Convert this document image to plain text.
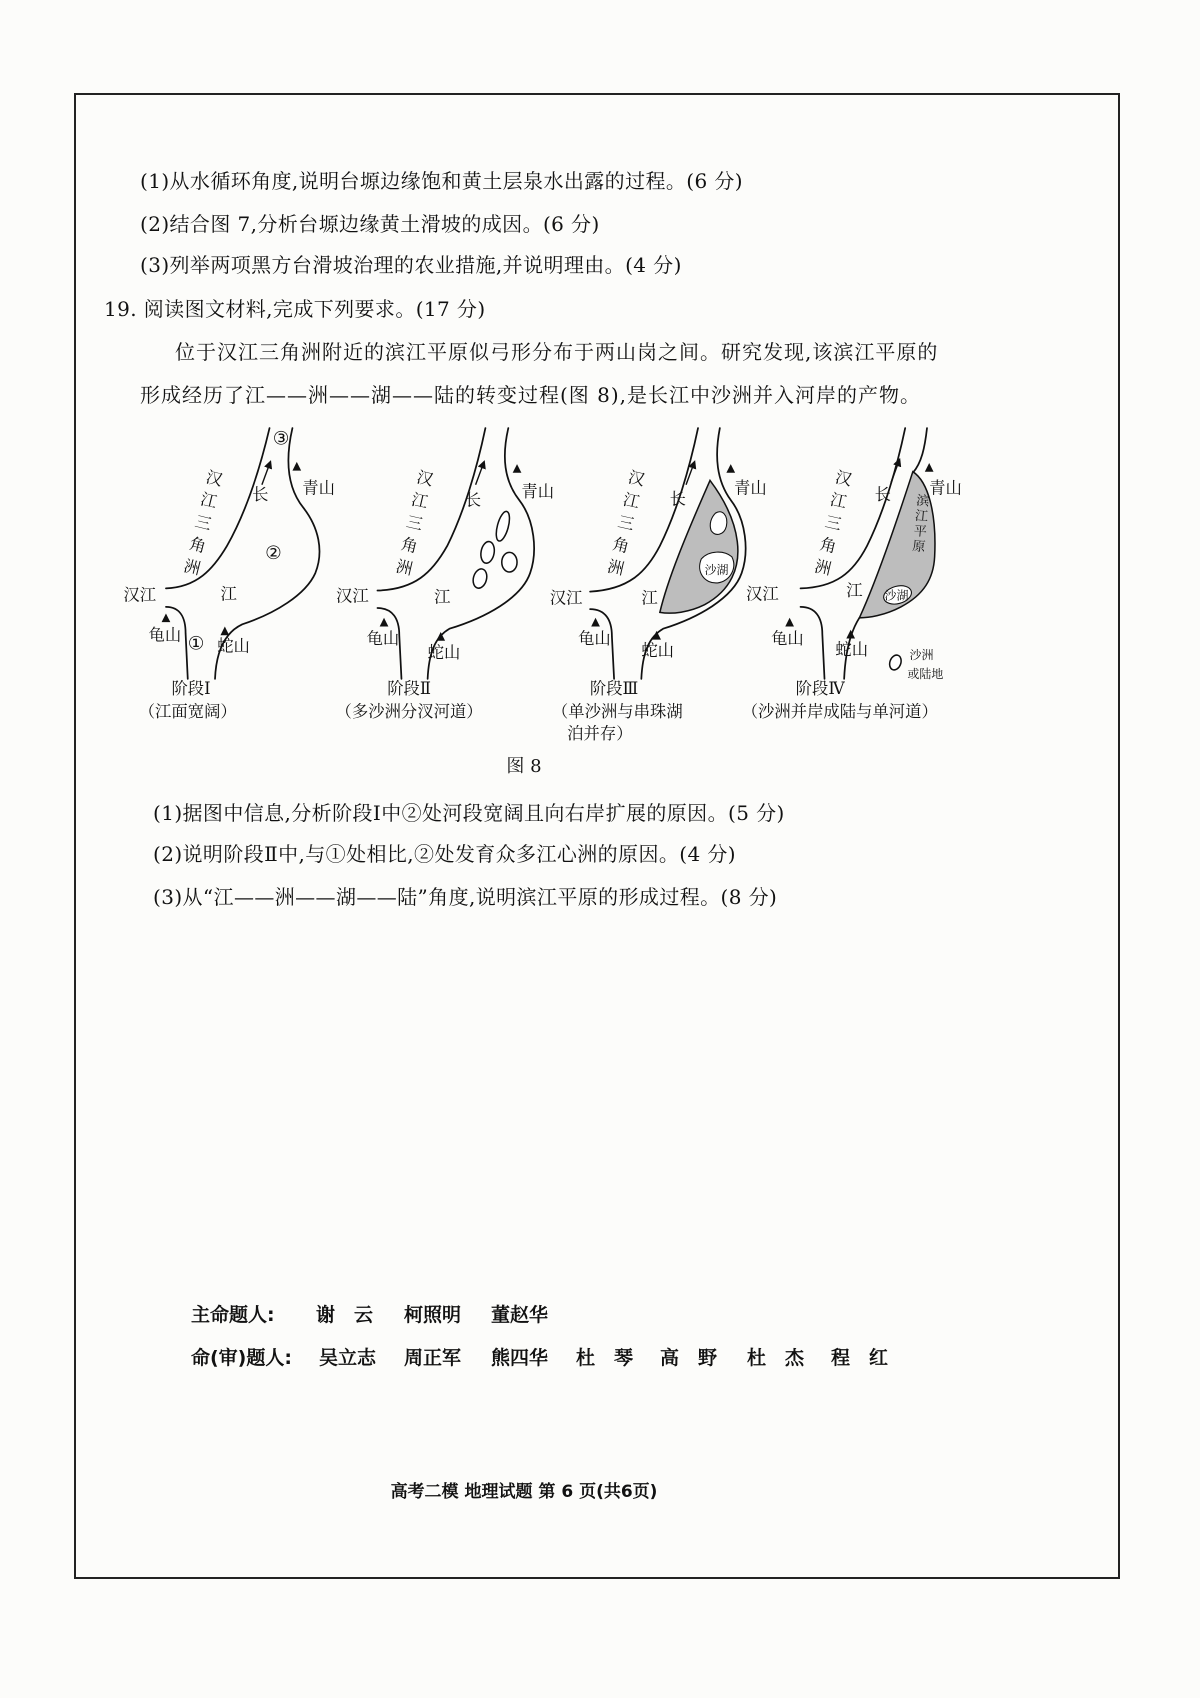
(1)从水循环角度,说明台塬边缘饱和黄土层泉水出露的过程。(6 分)
(2)结合图 7,分析台塬边缘黄土滑坡的成因。(6 分)
(3)列举两项黑方台滑坡治理的农业措施,并说明理由。(4 分)
19. 阅读图文材料,完成下列要求。(17 分)
位于汉江三角洲附近的滨江平原似弓形分布于两山岗之间。研究发现,该滨江平原的
形成经历了江——洲——湖——陆的转变过程(图 8),是长江中沙洲并入河岸的产物。
③
青山
汉江三角洲 长
②
汉江	江
龟山 ① 蛇山
阶段Ⅰ
（江面宽阔）
青山
汉江三角洲 长
汉江	江
龟山
蛇山
阶段Ⅱ
（多沙洲分汊河道）
青山
汉江三角洲 长
沙湖
汉江	江
龟山
蛇山
阶段Ⅲ
（单沙洲与串珠湖
泊并存）
青山
汉江三角洲 长 滨江平原
沙湖
汉江	江
龟山
蛇山	沙洲
或陆地
阶段Ⅳ
（沙洲并岸成陆与单河道）
图 8
(1)据图中信息,分析阶段Ⅰ中②处河段宽阔且向右岸扩展的原因。(5 分)
(2)说明阶段Ⅱ中,与①处相比,②处发育众多江心洲的原因。(4 分)
(3)从“江——洲——湖——陆”角度,说明滨江平原的形成过程。(8 分)
主命题人: 谢　云 柯照明 董赵华
命(审)题人: 吴立志 周正军 熊四华 杜　琴 高　野 杜　杰 程　红
高考二模 地理试题 第 6 页(共6页)
